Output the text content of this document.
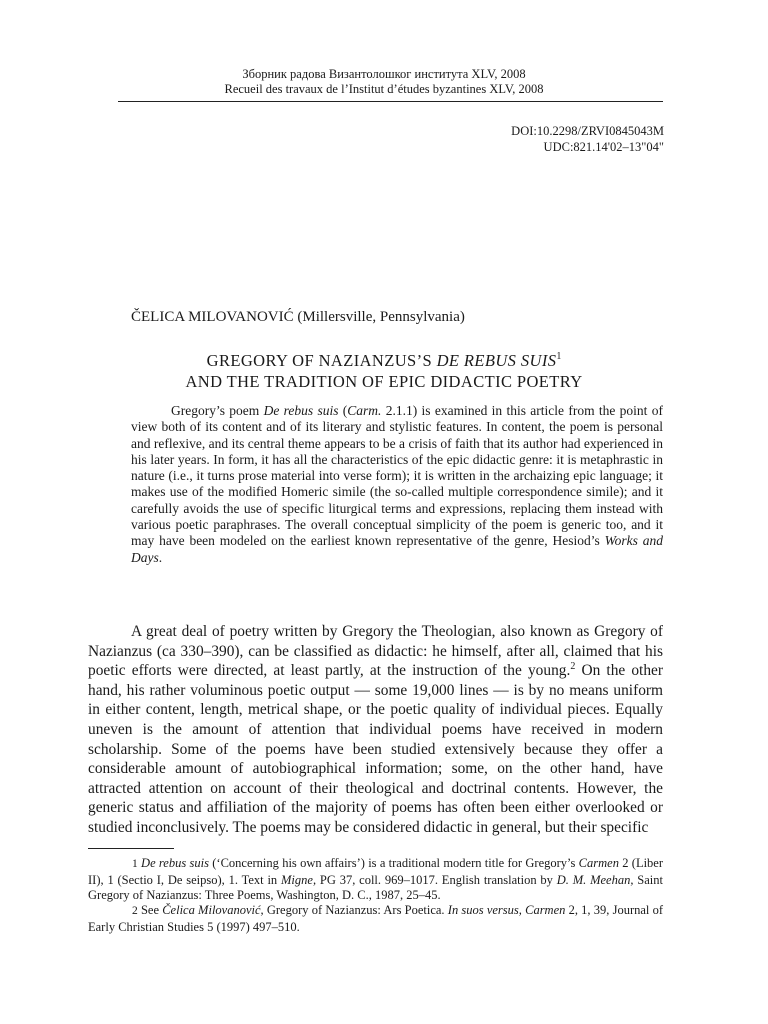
Зборник радова Византолошког института XLV, 2008
Recueil des travaux de l’Institut d’études byzantines XLV, 2008
DOI:10.2298/ZRVI0845043M
UDC:821.14'02–13"04"
ČELICA MILOVANOVIĆ (Millersville, Pennsylvania)
GREGORY OF NAZIANZUS’S DE REBUS SUIS$^1$
AND THE TRADITION OF EPIC DIDACTIC POETRY

Gregory’s poem De rebus suis (Carm. 2.1.1) is examined in this article from the point of view both of its content and of its literary and stylistic features. In content, the poem is personal and reflexive, and its central theme appears to be a crisis of faith that its author had experienced in his later years. In form, it has all the characteristics of the epic didactic genre: it is metaphrastic in nature (i.e., it turns prose material into verse form); it is written in the archaizing epic language; it makes use of the modified Homeric simile (the so-called multiple correspondence simile); and it carefully avoids the use of specific liturgical terms and expressions, replacing them instead with various poetic paraphrases. The overall conceptual simplicity of the poem is generic too, and it may have been modeled on the earliest known representative of the genre, Hesiod’s Works and Days.

A great deal of poetry written by Gregory the Theologian, also known as Gregory of Nazianzus (ca 330–390), can be classified as didactic: he himself, after all, claimed that his poetic efforts were directed, at least partly, at the instruction of the young.$^2$ On the other hand, his rather voluminous poetic output — some 19,000 lines — is by no means uniform in either content, length, metrical shape, or the poetic quality of individual pieces. Equally uneven is the amount of attention that individual poems have received in modern scholarship. Some of the poems have been studied extensively because they offer a considerable amount of autobiographical information; some, on the other hand, have attracted attention on account of their theological and doctrinal contents. However, the generic status and affiliation of the majority of poems has often been either overlooked or studied inconclusively. The poems may be considered didactic in general, but their specific

1 De rebus suis (‘Concerning his own affairs’) is a traditional modern title for Gregory’s Carmen 2 (Liber II), 1 (Sectio I, De seipso), 1. Text in Migne, PG 37, coll. 969–1017. English translation by D. M. Meehan, Saint Gregory of Nazianzus: Three Poems, Washington, D. C., 1987, 25–45.

2 See Čelica Milovanović, Gregory of Nazianzus: Ars Poetica. In suos versus, Carmen 2, 1, 39, Journal of Early Christian Studies 5 (1997) 497–510.
